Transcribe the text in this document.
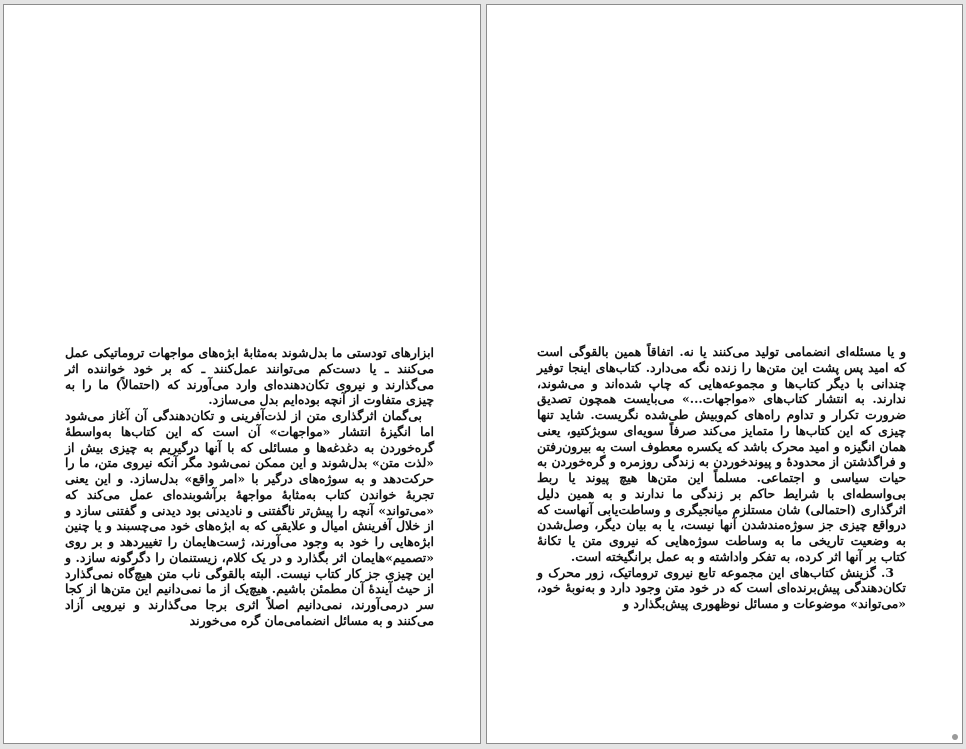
ابزارهای تودستی ما بدل‌شوند به‌مثابهٔ ابژه‌های مواجهات تروماتیکی عمل می‌کنند ـ یا دست‌کم می‌توانند عمل‌کنند ـ که بر خود خواننده اثر می‌گذارند و نیروی تکان‌دهنده‌ای وارد می‌آورند که (احتمالاً) ما را به چیزی متفاوت از آنچه بوده‌ایم بدل می‌سازد.

بی‌گمان اثرگذاری متن از لذت‌آفرینی و تکان‌دهندگی آن آغاز می‌شود اما انگیزهٔ انتشار «مواجهات» آن است که این کتاب‌ها به‌واسطهٔ گره‌خوردن به دغدغه‌ها و مسائلی که با آنها درگیریم به چیزی بیش از «لذت متن» بدل‌شوند و این ممکن نمی‌شود مگر آنکه نیروی متن، ما را حرکت‌دهد و به سوژه‌های درگیر با «امر واقع» بدل‌سازد. و این یعنی تجربهٔ خواندن کتاب به‌مثابهٔ مواجههٔ برآشوبنده‌ای عمل می‌کند که «می‌تواند» آنچه را پیش‌تر ناگفتنی و نادیدنی بود دیدنی و گفتنی سازد و از خلال آفرینش امیال و علایقی که به ابژه‌های خود می‌چسبند و یا چنین ابژه‌هایی را خود به وجود می‌آورند، ژست‌هایمان را تغییردهد و بر روی «تصمیم»هایمان اثر بگذارد و در یک کلام، زیستنمان را دگرگونه سازد. و این چیزی جز کار کتاب نیست. البته بالقوگی ناب متن هیچ‌گاه نمی‌گذارد از حیث آیندهٔ آن مطمئن باشیم. هیچ‌یک از ما نمی‌دانیم این متن‌ها از کجا سر درمی‌آورند، نمی‌دانیم اصلاً اثری برجا می‌گذارند و نیرویی آزاد می‌کنند و به مسائل انضمامی‌مان گره می‌خورند

و یا مسئله‌ای انضمامی تولید می‌کنند یا نه. اتفاقاً همین بالقوگی است که امید پس پشت این متن‌ها را زنده نگه می‌دارد. کتاب‌های اینجا توفیر چندانی با دیگر کتاب‌ها و مجموعه‌هایی که چاپ شده‌اند و می‌شوند، ندارند. به انتشار کتاب‌های «مواجهات...» می‌بایست همچون تصدیق ضرورت تکرار و تداوم راه‌های کم‌وبیش طی‌شده نگریست. شاید تنها چیزی که این کتاب‌ها را متمایز می‌کند صرفاً سویه‌ای سوبژکتیو، یعنی همان انگیزه و امید محرک باشد که یکسره معطوف است به بیرون‌رفتن و فراگذشتن از محدودهٔ و پیوندخوردن به زندگی روزمره و گره‌خوردن به حیات سیاسی و اجتماعی. مسلماً این متن‌ها هیچ پیوند یا ربط بی‌واسطه‌ای با شرایط حاکم بر زندگی ما ندارند و به همین دلیل اثرگذاری (احتمالی) شان مستلزم میانجیگری و وساطت‌یابی آنهاست که درواقع چیزی جز سوژه‌مندشدن آنها نیست، یا به بیان دیگر، وصل‌شدن به وضعیت تاریخی ما به وساطت سوژه‌هایی که نیروی متن یا تکانهٔ کتاب بر آنها اثر کرده، به تفکر واداشته و به عمل برانگیخته است.

3. گزینش کتاب‌های این مجموعه تابع نیروی تروماتیک، زور محرک و تکان‌دهندگی پیش‌برنده‌ای است که در خود متن وجود دارد و به‌نوبهٔ خود، «می‌تواند» موضوعات و مسائل نوظهوری پیش‌بگذارد و
